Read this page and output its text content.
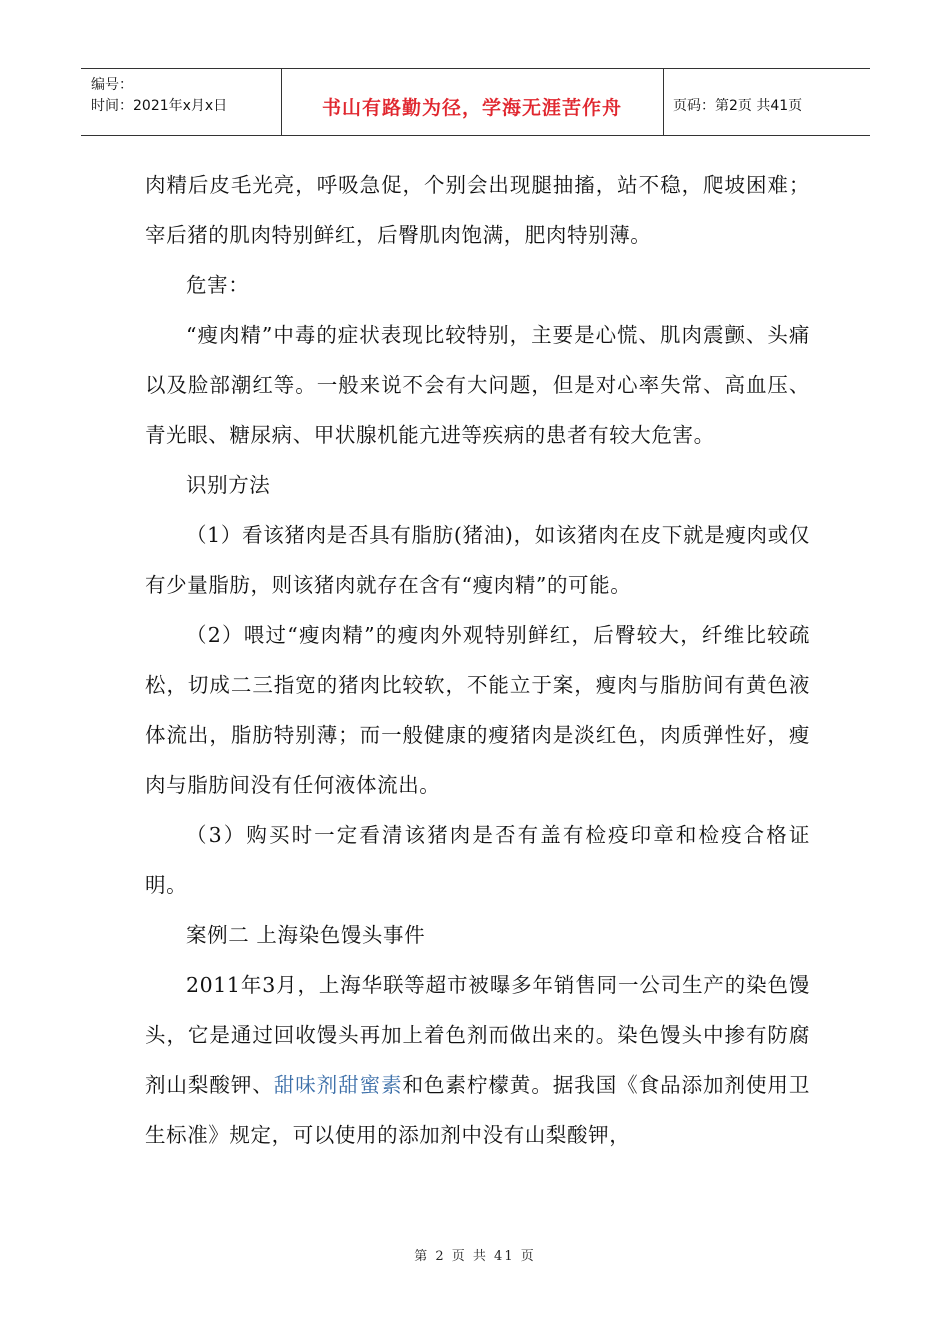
编号：
时间：2021年x月x日	书山有路勤为径，学海无涯苦作舟	页码：第2页 共41页

肉精后皮毛光亮，呼吸急促，个别会出现腿抽搐，站不稳，爬坡困难；宰后猪的肌肉特别鲜红，后臀肌肉饱满，肥肉特别薄。

危害：

“瘦肉精”中毒的症状表现比较特别，主要是心慌、肌肉震颤、头痛以及脸部潮红等。一般来说不会有大问题，但是对心率失常、高血压、青光眼、糖尿病、甲状腺机能亢进等疾病的患者有较大危害。

识别方法

（1）看该猪肉是否具有脂肪(猪油)，如该猪肉在皮下就是瘦肉或仅有少量脂肪，则该猪肉就存在含有“瘦肉精”的可能。

（2）喂过“瘦肉精”的瘦肉外观特别鲜红，后臀较大，纤维比较疏松，切成二三指宽的猪肉比较软，不能立于案，瘦肉与脂肪间有黄色液体流出，脂肪特别薄；而一般健康的瘦猪肉是淡红色，肉质弹性好，瘦肉与脂肪间没有任何液体流出。

（3）购买时一定看清该猪肉是否有盖有检疫印章和检疫合格证明。

案例二 上海染色馒头事件

2011年3月，上海华联等超市被曝多年销售同一公司生产的染色馒头，它是通过回收馒头再加上着色剂而做出来的。染色馒头中掺有防腐剂山梨酸钾、甜味剂甜蜜素和色素柠檬黄。据我国《食品添加剂使用卫生标准》规定，可以使用的添加剂中没有山梨酸钾，

第 2 页 共 41 页
